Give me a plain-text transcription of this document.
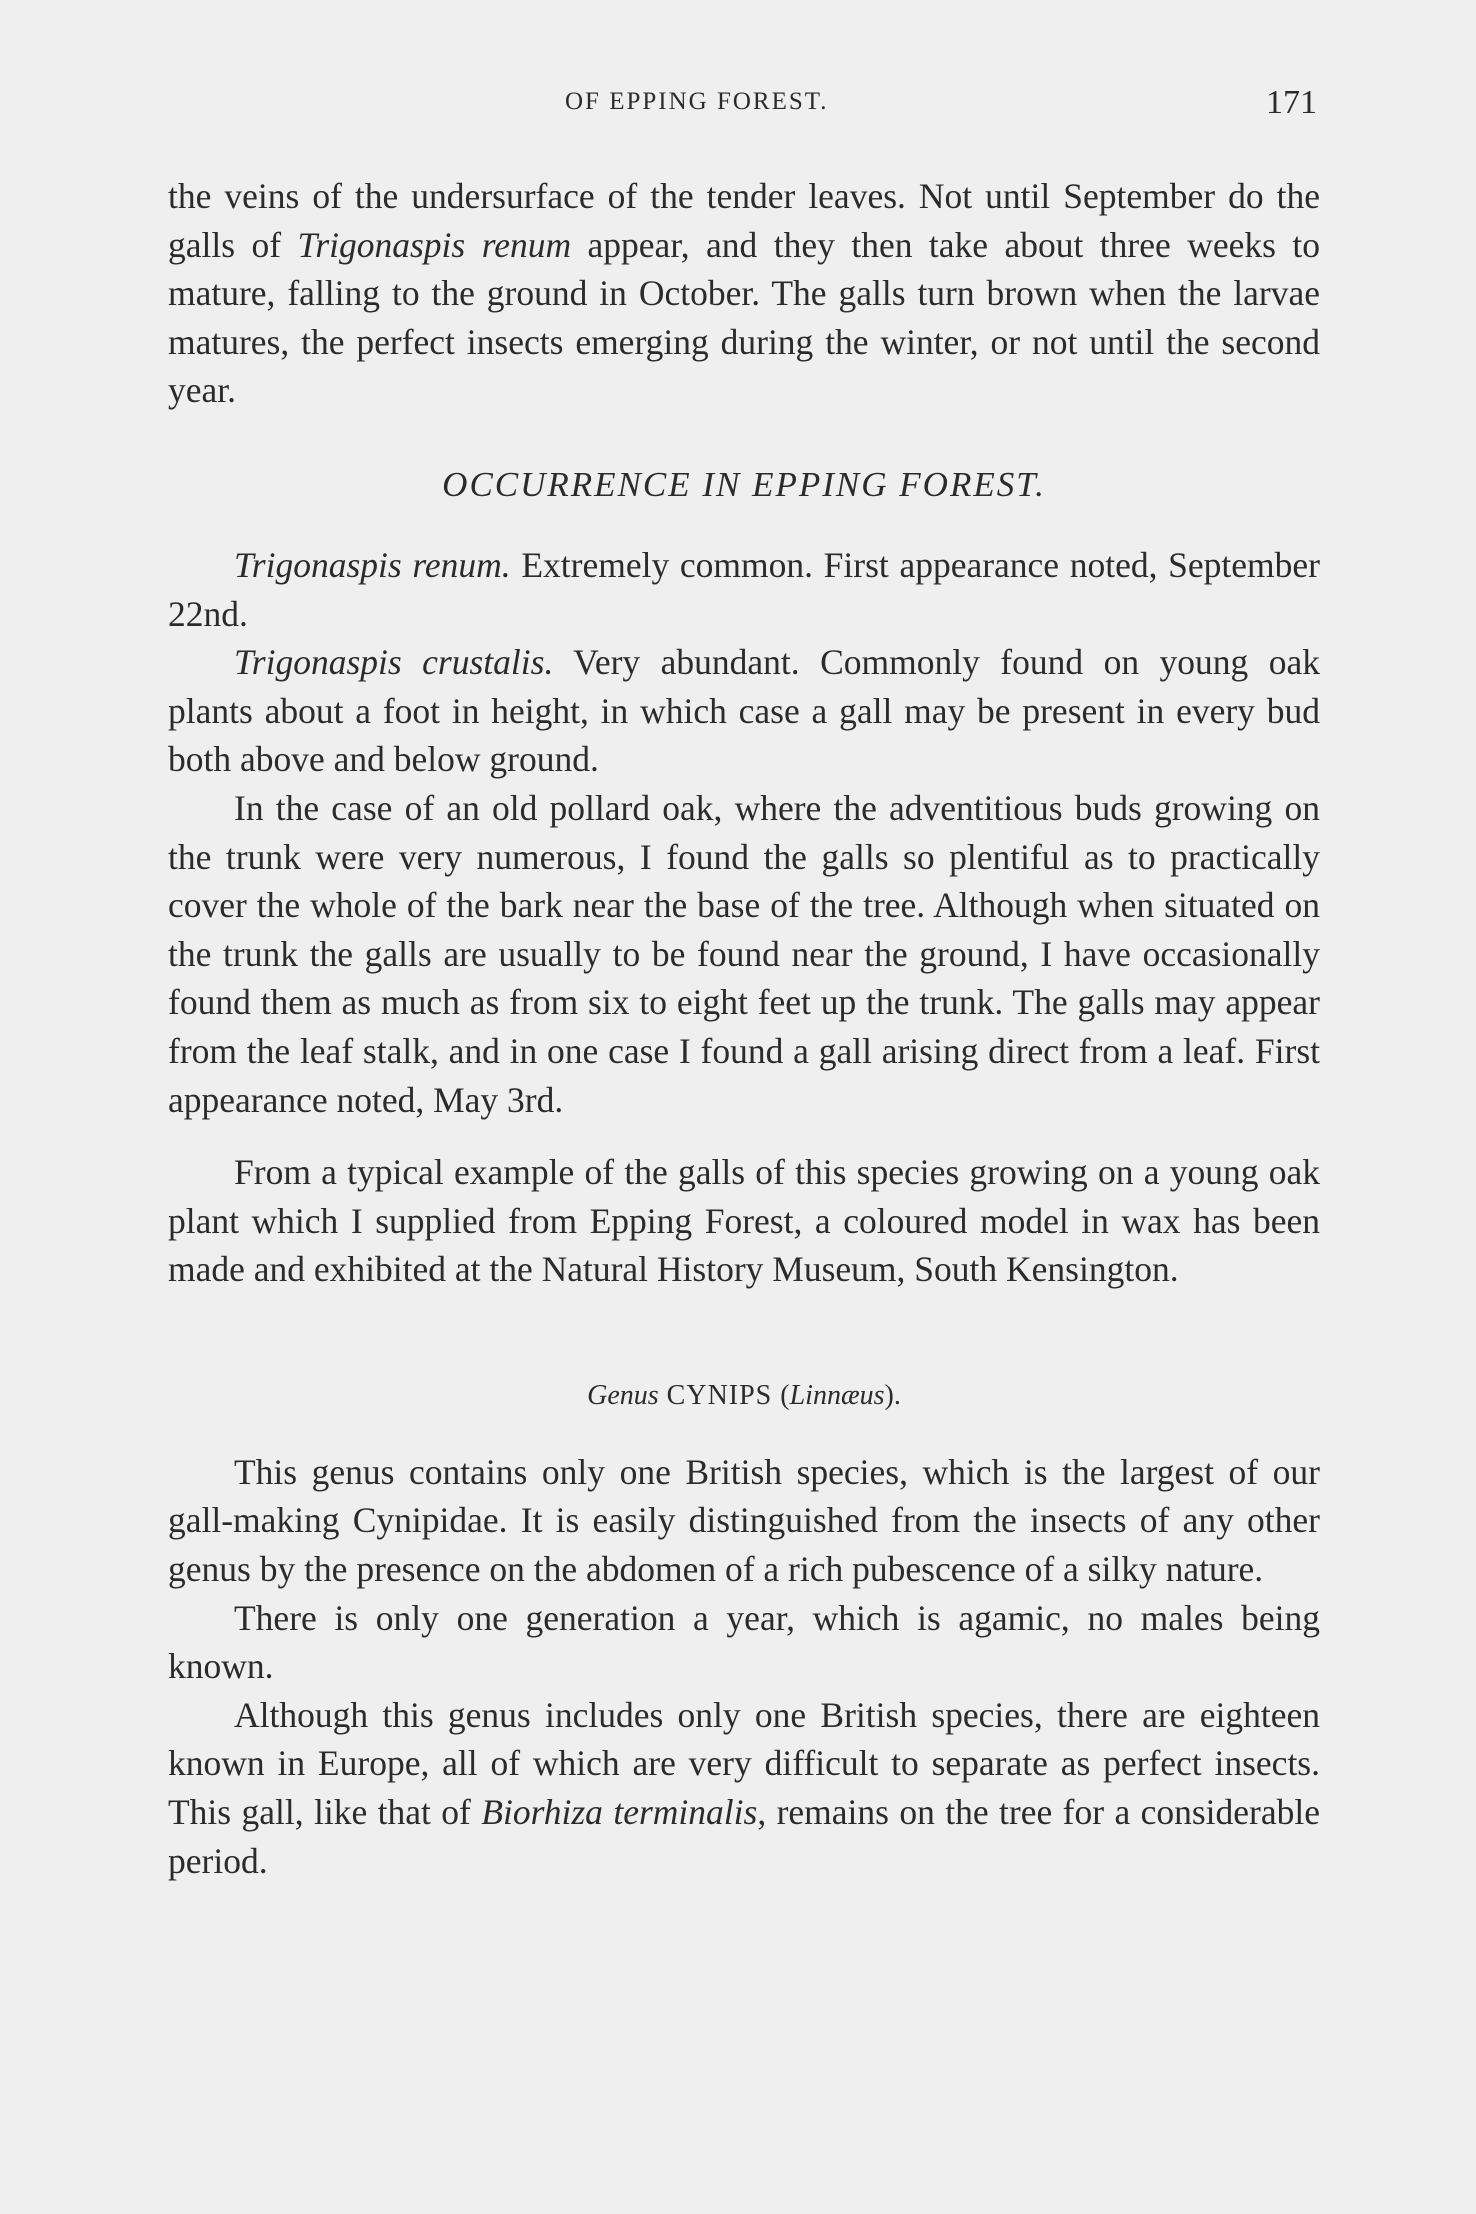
OF EPPING FOREST.	171

the veins of the undersurface of the tender leaves. Not until September do the galls of Trigonaspis renum appear, and they then take about three weeks to mature, falling to the ground in October. The galls turn brown when the larvae matures, the perfect insects emerging during the winter, or not until the second year.

OCCURRENCE IN EPPING FOREST.

Trigonaspis renum. Extremely common. First appearance noted, September 22nd.

Trigonaspis crustalis. Very abundant. Commonly found on young oak plants about a foot in height, in which case a gall may be present in every bud both above and below ground.

In the case of an old pollard oak, where the adventitious buds growing on the trunk were very numerous, I found the galls so plentiful as to practically cover the whole of the bark near the base of the tree. Although when situated on the trunk the galls are usually to be found near the ground, I have occasionally found them as much as from six to eight feet up the trunk. The galls may appear from the leaf stalk, and in one case I found a gall arising direct from a leaf. First appearance noted, May 3rd.

From a typical example of the galls of this species growing on a young oak plant which I supplied from Epping Forest, a coloured model in wax has been made and exhibited at the Natural History Museum, South Kensington.

Genus CYNIPS (Linnæus).

This genus contains only one British species, which is the largest of our gall-making Cynipidae. It is easily distinguished from the insects of any other genus by the presence on the abdomen of a rich pubescence of a silky nature.

There is only one generation a year, which is agamic, no males being known.

Although this genus includes only one British species, there are eighteen known in Europe, all of which are very difficult to separate as perfect insects. This gall, like that of Biorhiza terminalis, remains on the tree for a considerable period.
